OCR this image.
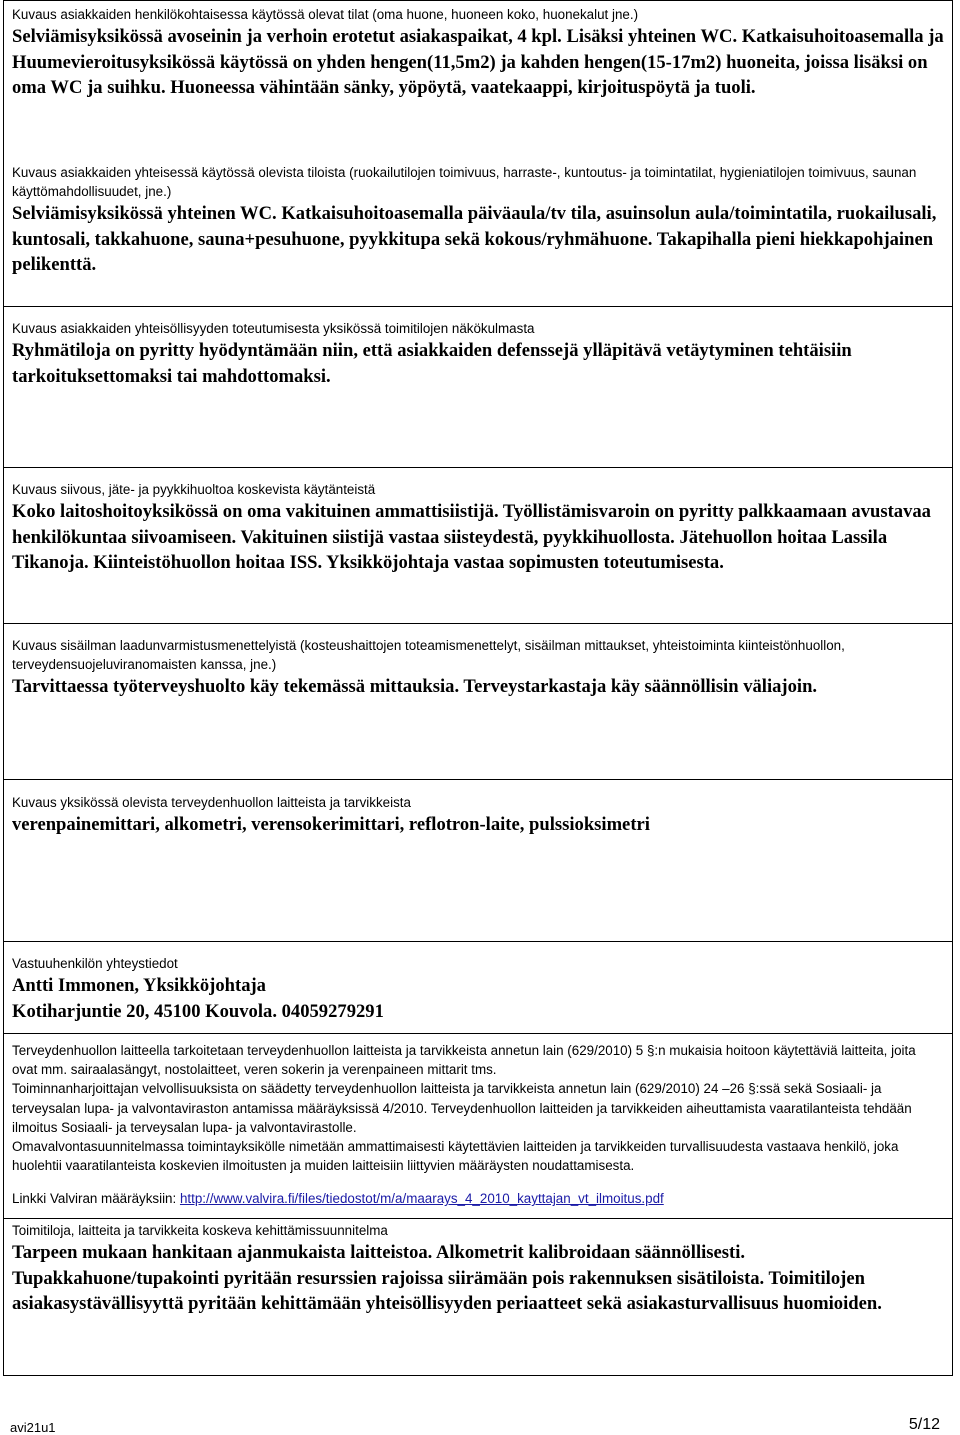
Kuvaus asiakkaiden henkilökohtaisessa käytössä olevat tilat (oma huone, huoneen koko, huonekalut jne.)

Selviämisyksikössä avoseinin ja verhoin erotetut asiakaspaikat, 4 kpl. Lisäksi yhteinen WC. Katkaisuhoitoasemalla ja Huumevieroitusyksikössä käytössä on yhden hengen(11,5m2) ja kahden hengen(15-17m2) huoneita, joissa lisäksi on oma WC ja suihku. Huoneessa vähintään sänky, yöpöytä, vaatekaappi, kirjoituspöytä ja tuoli.

Kuvaus asiakkaiden yhteisessä käytössä olevista tiloista (ruokailutilojen toimivuus, harraste-, kuntoutus- ja toimintatilat, hygieniatilojen toimivuus, saunan käyttömahdollisuudet, jne.)

Selviämisyksikössä yhteinen WC. Katkaisuhoitoasemalla päiväaula/tv tila, asuinsolun aula/toimintatila, ruokailusali, kuntosali, takkahuone, sauna+pesuhuone, pyykkitupa sekä kokous/ryhmähuone. Takapihalla pieni hiekkapohjainen pelikenttä.

Kuvaus asiakkaiden yhteisöllisyyden toteutumisesta yksikössä toimitilojen näkökulmasta

Ryhmätiloja on pyritty hyödyntämään niin, että asiakkaiden defenssejä ylläpitävä vetäytyminen tehtäisiin tarkoituksettomaksi tai mahdottomaksi.

Kuvaus siivous, jäte- ja pyykkihuoltoa koskevista käytänteistä

Koko laitoshoitoyksikössä on oma vakituinen ammattisiistijä. Työllistämisvaroin on pyritty palkkaamaan avustavaa henkilökuntaa siivoamiseen. Vakituinen siistijä vastaa siisteydestä, pyykkihuollosta. Jätehuollon hoitaa Lassila Tikanoja. Kiinteistöhuollon hoitaa ISS. Yksikköjohtaja vastaa sopimusten toteutumisesta.

Kuvaus sisäilman laadunvarmistusmenettelyistä (kosteushaittojen toteamismenettelyt, sisäilman mittaukset, yhteistoiminta kiinteistönhuollon, terveydensuojeluviranomaisten kanssa, jne.)

Tarvittaessa työterveyshuolto käy tekemässä mittauksia. Terveystarkastaja käy säännöllisin väliajoin.

Kuvaus yksikössä olevista terveydenhuollon laitteista ja tarvikkeista

verenpainemittari, alkometri, verensokerimittari, reflotron-laite, pulssioksimetri

Vastuuhenkilön yhteystiedot

Antti Immonen, Yksikköjohtaja

Kotiharjuntie 20, 45100 Kouvola. 04059279291

Terveydenhuollon laitteella tarkoitetaan terveydenhuollon laitteista ja tarvikkeista annetun lain (629/2010) 5 §:n mukaisia hoitoon käytettäviä laitteita, joita ovat mm. sairaalasängyt, nostolaitteet, veren sokerin ja verenpaineen mittarit tms.

Toiminnanharjoittajan velvollisuuksista on säädetty terveydenhuollon laitteista ja tarvikkeista annetun lain (629/2010) 24 –26 §:ssä sekä Sosiaali- ja terveysalan lupa- ja valvontaviraston antamissa määräyksissä 4/2010. Terveydenhuollon laitteiden ja tarvikkeiden aiheuttamista vaaratilanteista tehdään ilmoitus Sosiaali- ja terveysalan lupa- ja valvontavirastolle.

Omavalvontasuunnitelmassa toimintayksikölle nimetään ammattimaisesti käytettävien laitteiden ja tarvikkeiden turvallisuudesta vastaava henkilö, joka huolehtii vaaratilanteista koskevien ilmoitusten ja muiden laitteisiin liittyvien määräysten noudattamisesta.

Linkki Valviran määräyksiin: http://www.valvira.fi/files/tiedostot/m/a/maarays_4_2010_kayttajan_vt_ilmoitus.pdf

Toimitiloja, laitteita ja tarvikkeita koskeva kehittämissuunnitelma

Tarpeen mukaan hankitaan ajanmukaista laitteistoa. Alkometrit kalibroidaan säännöllisesti. Tupakkahuone/tupakointi pyritään resurssien rajoissa siirämään pois rakennuksen sisätiloista. Toimitilojen asiakasystävällisyyttä pyritään kehittämään yhteisöllisyyden periaatteet sekä asiakasturvallisuus huomioiden.

avi21u1	5/12
